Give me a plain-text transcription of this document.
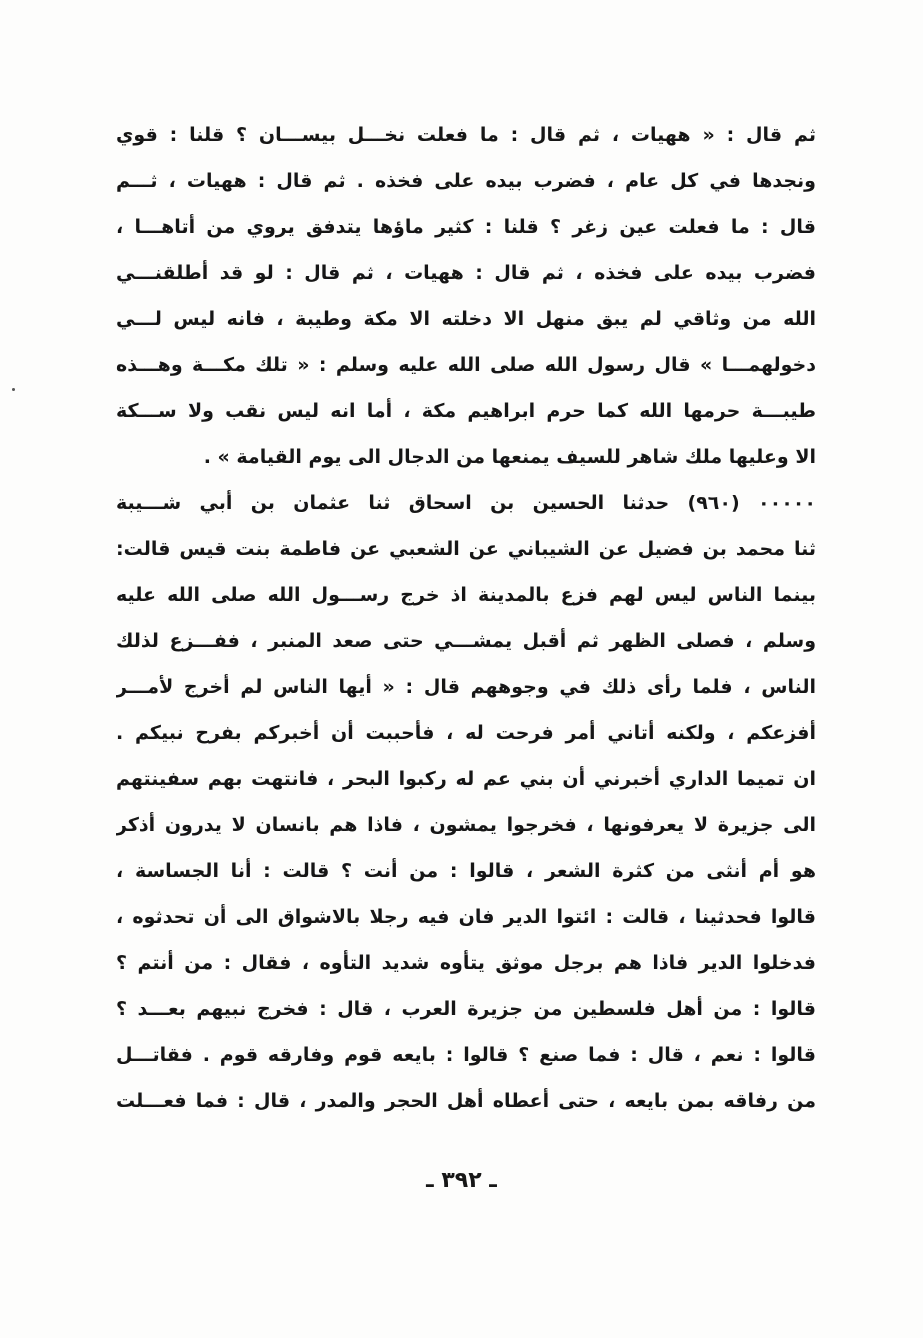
ثم قال : « ههيات ، ثم قال : ما فعلت نخـــل بيســـان ؟ قلنا : قوي
ونجدها في كل عام ، فضرب بيده على فخذه . ثم قال : ههيات ، ثـــم
قال : ما فعلت عين زغر ؟ قلنا : كثير ماؤها يتدفق يروي من أتاهـــا ،
فضرب بيده على فخذه ، ثم قال : ههيات ، ثم قال : لو قد أطلقنـــي
الله من وثاقي لم يبق منهل الا دخلته الا مكة وطيبة ، فانه ليس لـــي
دخولهمـــا » قال رسول الله صلى الله عليه وسلم : « تلك مكـــة وهـــذه
طيبـــة حرمها الله كما حرم ابراهيم مكة ، أما انه ليس نقب ولا ســـكة
الا وعليها ملك شاهر للسيف يمنعها من الدجال الى يوم القيامة » .
٠٠٠٠٠ (٩٦٠) حدثنا الحسين بن اسحاق ثنا عثمان بن أبي شـــيبة
ثنا محمد بن فضيل عن الشيباني عن الشعبي عن فاطمة بنت قيس قالت:
بينما الناس ليس لهم فزع بالمدينة اذ خرج رســـول الله صلى الله عليه
وسلم ، فصلى الظهر ثم أقبل يمشـــي حتى صعد المنبر ، ففـــزع لذلك
الناس ، فلما رأى ذلك في وجوههم قال : « أيها الناس لم أخرج لأمـــر
أفزعكم ، ولكنه أتاني أمر فرحت له ، فأحببت أن أخبركم بفرح نبيكم .
ان تميما الداري أخبرني أن بني عم له ركبوا البحر ، فانتهت بهم سفينتهم
الى جزيرة لا يعرفونها ، فخرجوا يمشون ، فاذا هم بانسان لا يدرون أذكر
هو أم أنثى من كثرة الشعر ، قالوا : من أنت ؟ قالت : أنا الجساسة ،
قالوا فحدثينا ، قالت : ائتوا الدير فان فيه رجلا بالاشواق الى أن تحدثوه ،
فدخلوا الدير فاذا هم برجل موثق يتأوه شديد التأوه ، فقال : من أنتم ؟
قالوا : من أهل فلسطين من جزيرة العرب ، قال : فخرج نبيهم بعـــد ؟
قالوا : نعم ، قال : فما صنع ؟ قالوا : بايعه قوم وفارقه قوم . فقاتـــل
من رفاقه بمن بايعه ، حتى أعطاه أهل الحجر والمدر ، قال : فما فعـــلت
ـ ٣٩٢ ـ
